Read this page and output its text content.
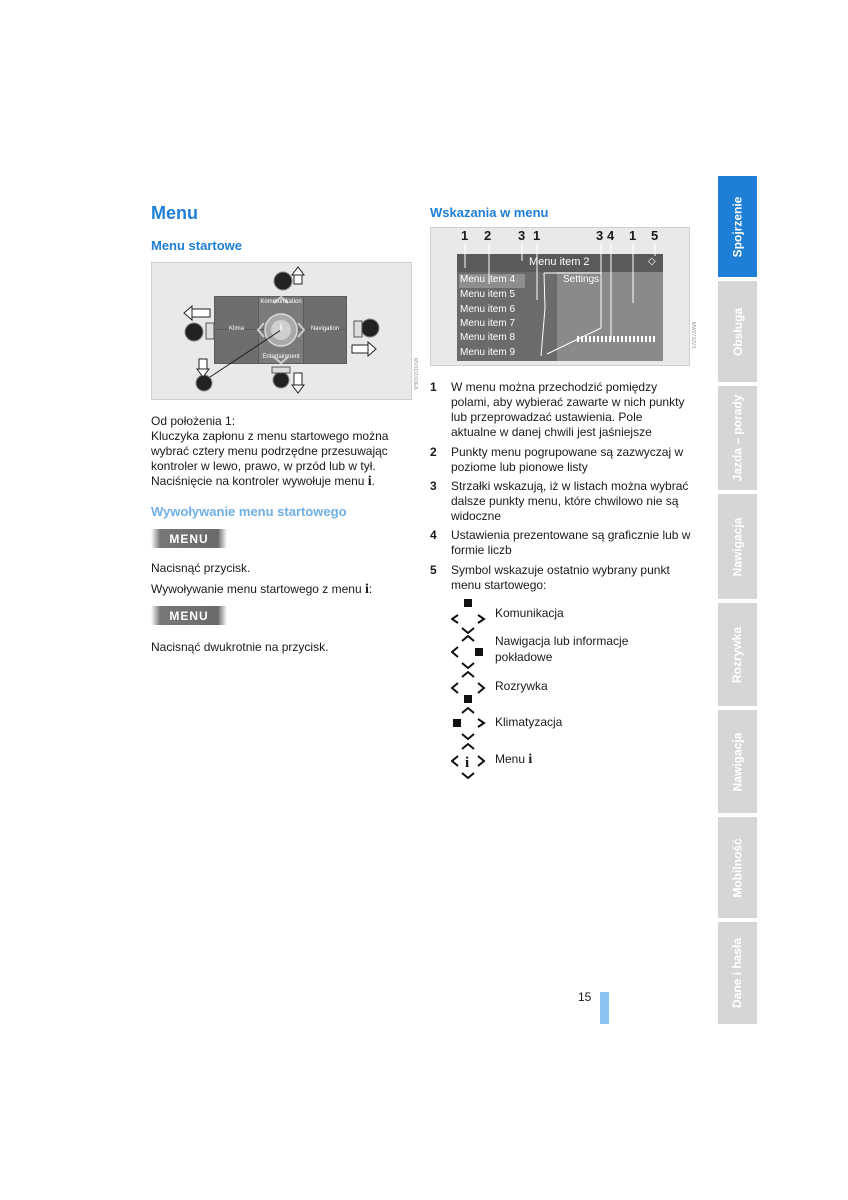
Menu
Menu startowe
Kommunikation
Klima	Navigation
Entertainment
i
MV01901DEA
Od położenia 1:
Kluczyka zapłonu z menu startowego można
wybrać cztery menu podrzędne przesuwając
kontroler w lewo, prawo, w przód lub w tył.
Naciśnięcie na kontroler wywołuje menu i.
Wywoływanie menu startowego
MENU
Nacisnąć przycisk.
Wywoływanie menu startowego z menu i:
MENU
Nacisnąć dwukrotnie na przycisk.
Wskazania w menu
1 2 3 1	3 4 1 5
Menu item 2	◇
Settings
Menu item 4
Menu item 5
Menu item 6
Menu item 7
Menu item 8
Menu item 9
MW2702VS
1 W menu można przechodzić pomiędzy
polami, aby wybierać zawarte w nich punkty
lub przeprowadzać ustawienia. Pole
aktualne w danej chwili jest jaśniejsze
2 Punkty menu pogrupowane są zazwyczaj w
poziome lub pionowe listy
3 Strzałki wskazują, iż w listach można wybrać
dalsze punkty menu, które chwilowo nie są
widoczne
4 Ustawienia prezentowane są graficznie lub w
formie liczb
5 Symbol wskazuje ostatnio wybrany punkt
menu startowego:
Komunikacja
Nawigacja lub informacje
pokładowe
Rozrywka
Klimatyzacja
i Menu i
15
Spojrzenie
Obsługa
Jazda – porady
Nawigacja
Rozrywka
Nawigacja
Mobilność
Dane i hasła
